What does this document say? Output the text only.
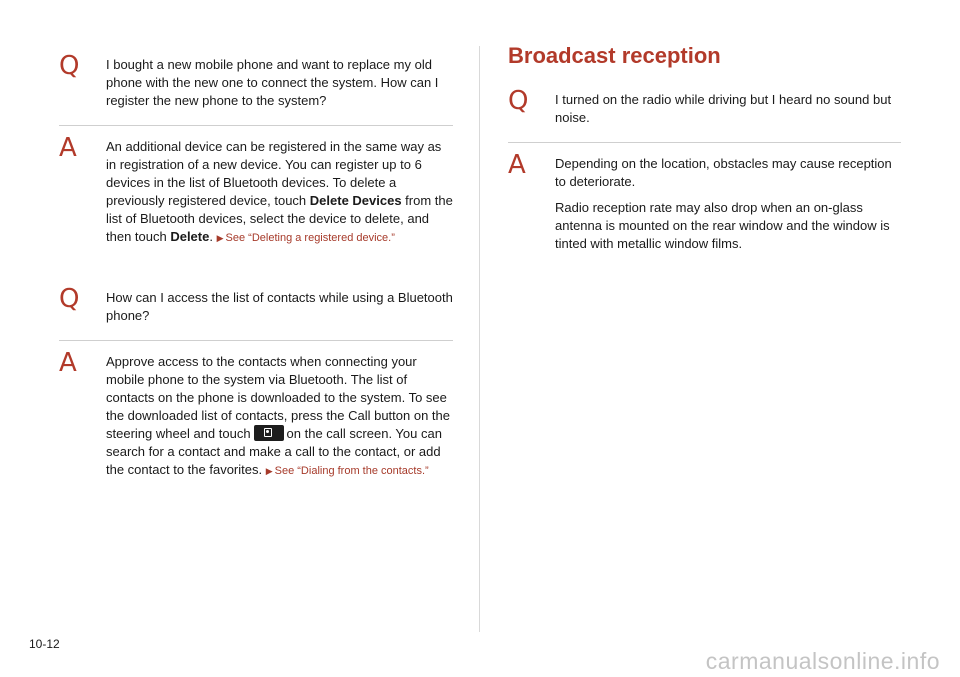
Q I bought a new mobile phone and want to replace my old phone with the new one to connect the system. How can I register the new phone to the system?

A An additional device can be registered in the same way as in registration of a new device. You can register up to 6 devices in the list of Bluetooth devices. To delete a previously registered device, touch Delete Devices from the list of Bluetooth devices, select the device to delete, and then touch Delete. ▶ See “Deleting a registered device.”

Q How can I access the list of contacts while using a Bluetooth phone?

A Approve access to the contacts when connecting your mobile phone to the system via Bluetooth. The list of contacts on the phone is downloaded to the system. To see the downloaded list of contacts, press the Call button on the steering wheel and touch	on the call screen. You can search for a contact and make a call to the contact, or add the contact to the favorites. ▶ See “Dialing from the contacts.”

Broadcast reception
Q I turned on the radio while driving but I heard no sound but noise.

A Depending on the location, obstacles may cause reception to deteriorate.

Radio reception rate may also drop when an on-glass antenna is mounted on the rear window and the window is tinted with metallic window films.

10-12
carmanualsonline.info
